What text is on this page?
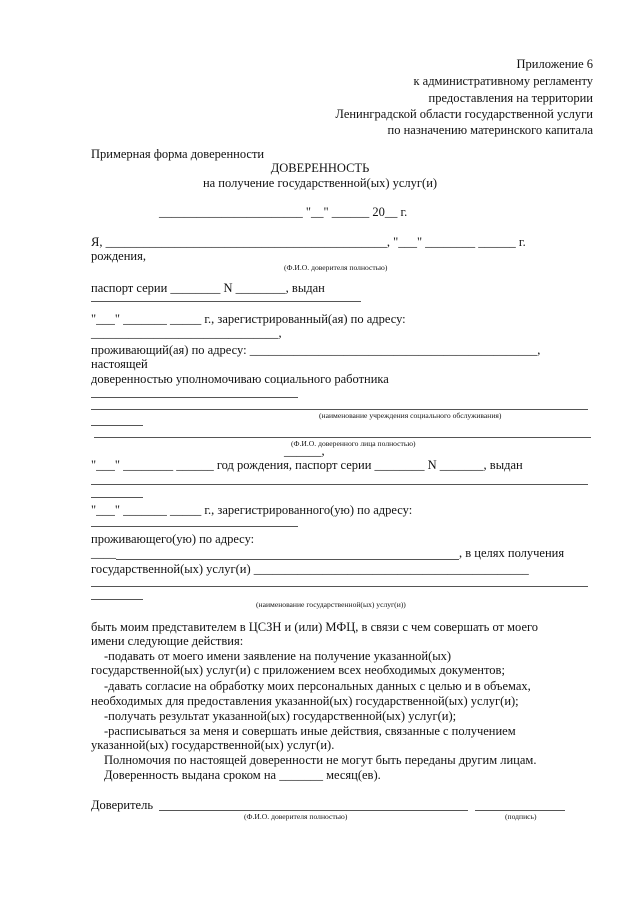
Приложение 6
к административному регламенту
предоставления на территории
Ленинградской области государственной услуги
по назначению материнского капитала
Примерная форма доверенности
ДОВЕРЕННОСТЬ
на получение государственной(ых) услуг(и)
_______________________ "__" ______ 20__ г.
Я, _____________________________________________, "___" ________ ______ г.
рождения,
(Ф.И.О. доверителя полностью)
паспорт серии ________ N ________, выдан
"___" _______ _____ г., зарегистрированный(ая) по адресу:
______________________________,
проживающий(ая) по адресу: ______________________________________________,
настоящей
доверенностью уполномочиваю социального работника
(наименование учреждения социального обслуживания)
(Ф.И.О. доверенного лица полностью)
______,
"___" ________ ______ год рождения, паспорт серии ________ N _______, выдан
"___" _______ _____ г., зарегистрированного(ую) по адресу:
проживающего(ую) по адресу:
____	, в целях получения
государственной(ых) услуг(и) ____________________________________________
(наименование государственной(ых) услуг(и))
быть моим представителем в ЦСЗН и (или) МФЦ, в связи с чем совершать от моего
имени следующие действия:
-подавать от моего имени заявление на получение указанной(ых)
государственной(ых) услуг(и) с приложением всех необходимых документов;
-давать согласие на обработку моих персональных данных с целью и в объемах,
необходимых для предоставления указанной(ых) государственной(ых) услуг(и);
-получать результат указанной(ых) государственной(ых) услуг(и);
-расписываться за меня и совершать иные действия, связанные с получением
указанной(ых) государственной(ых) услуг(и).
Полномочия по настоящей доверенности не могут быть переданы другим лицам.
Доверенность выдана сроком на _______ месяц(ев).
Доверитель
(Ф.И.О. доверителя полностью)	(подпись)
